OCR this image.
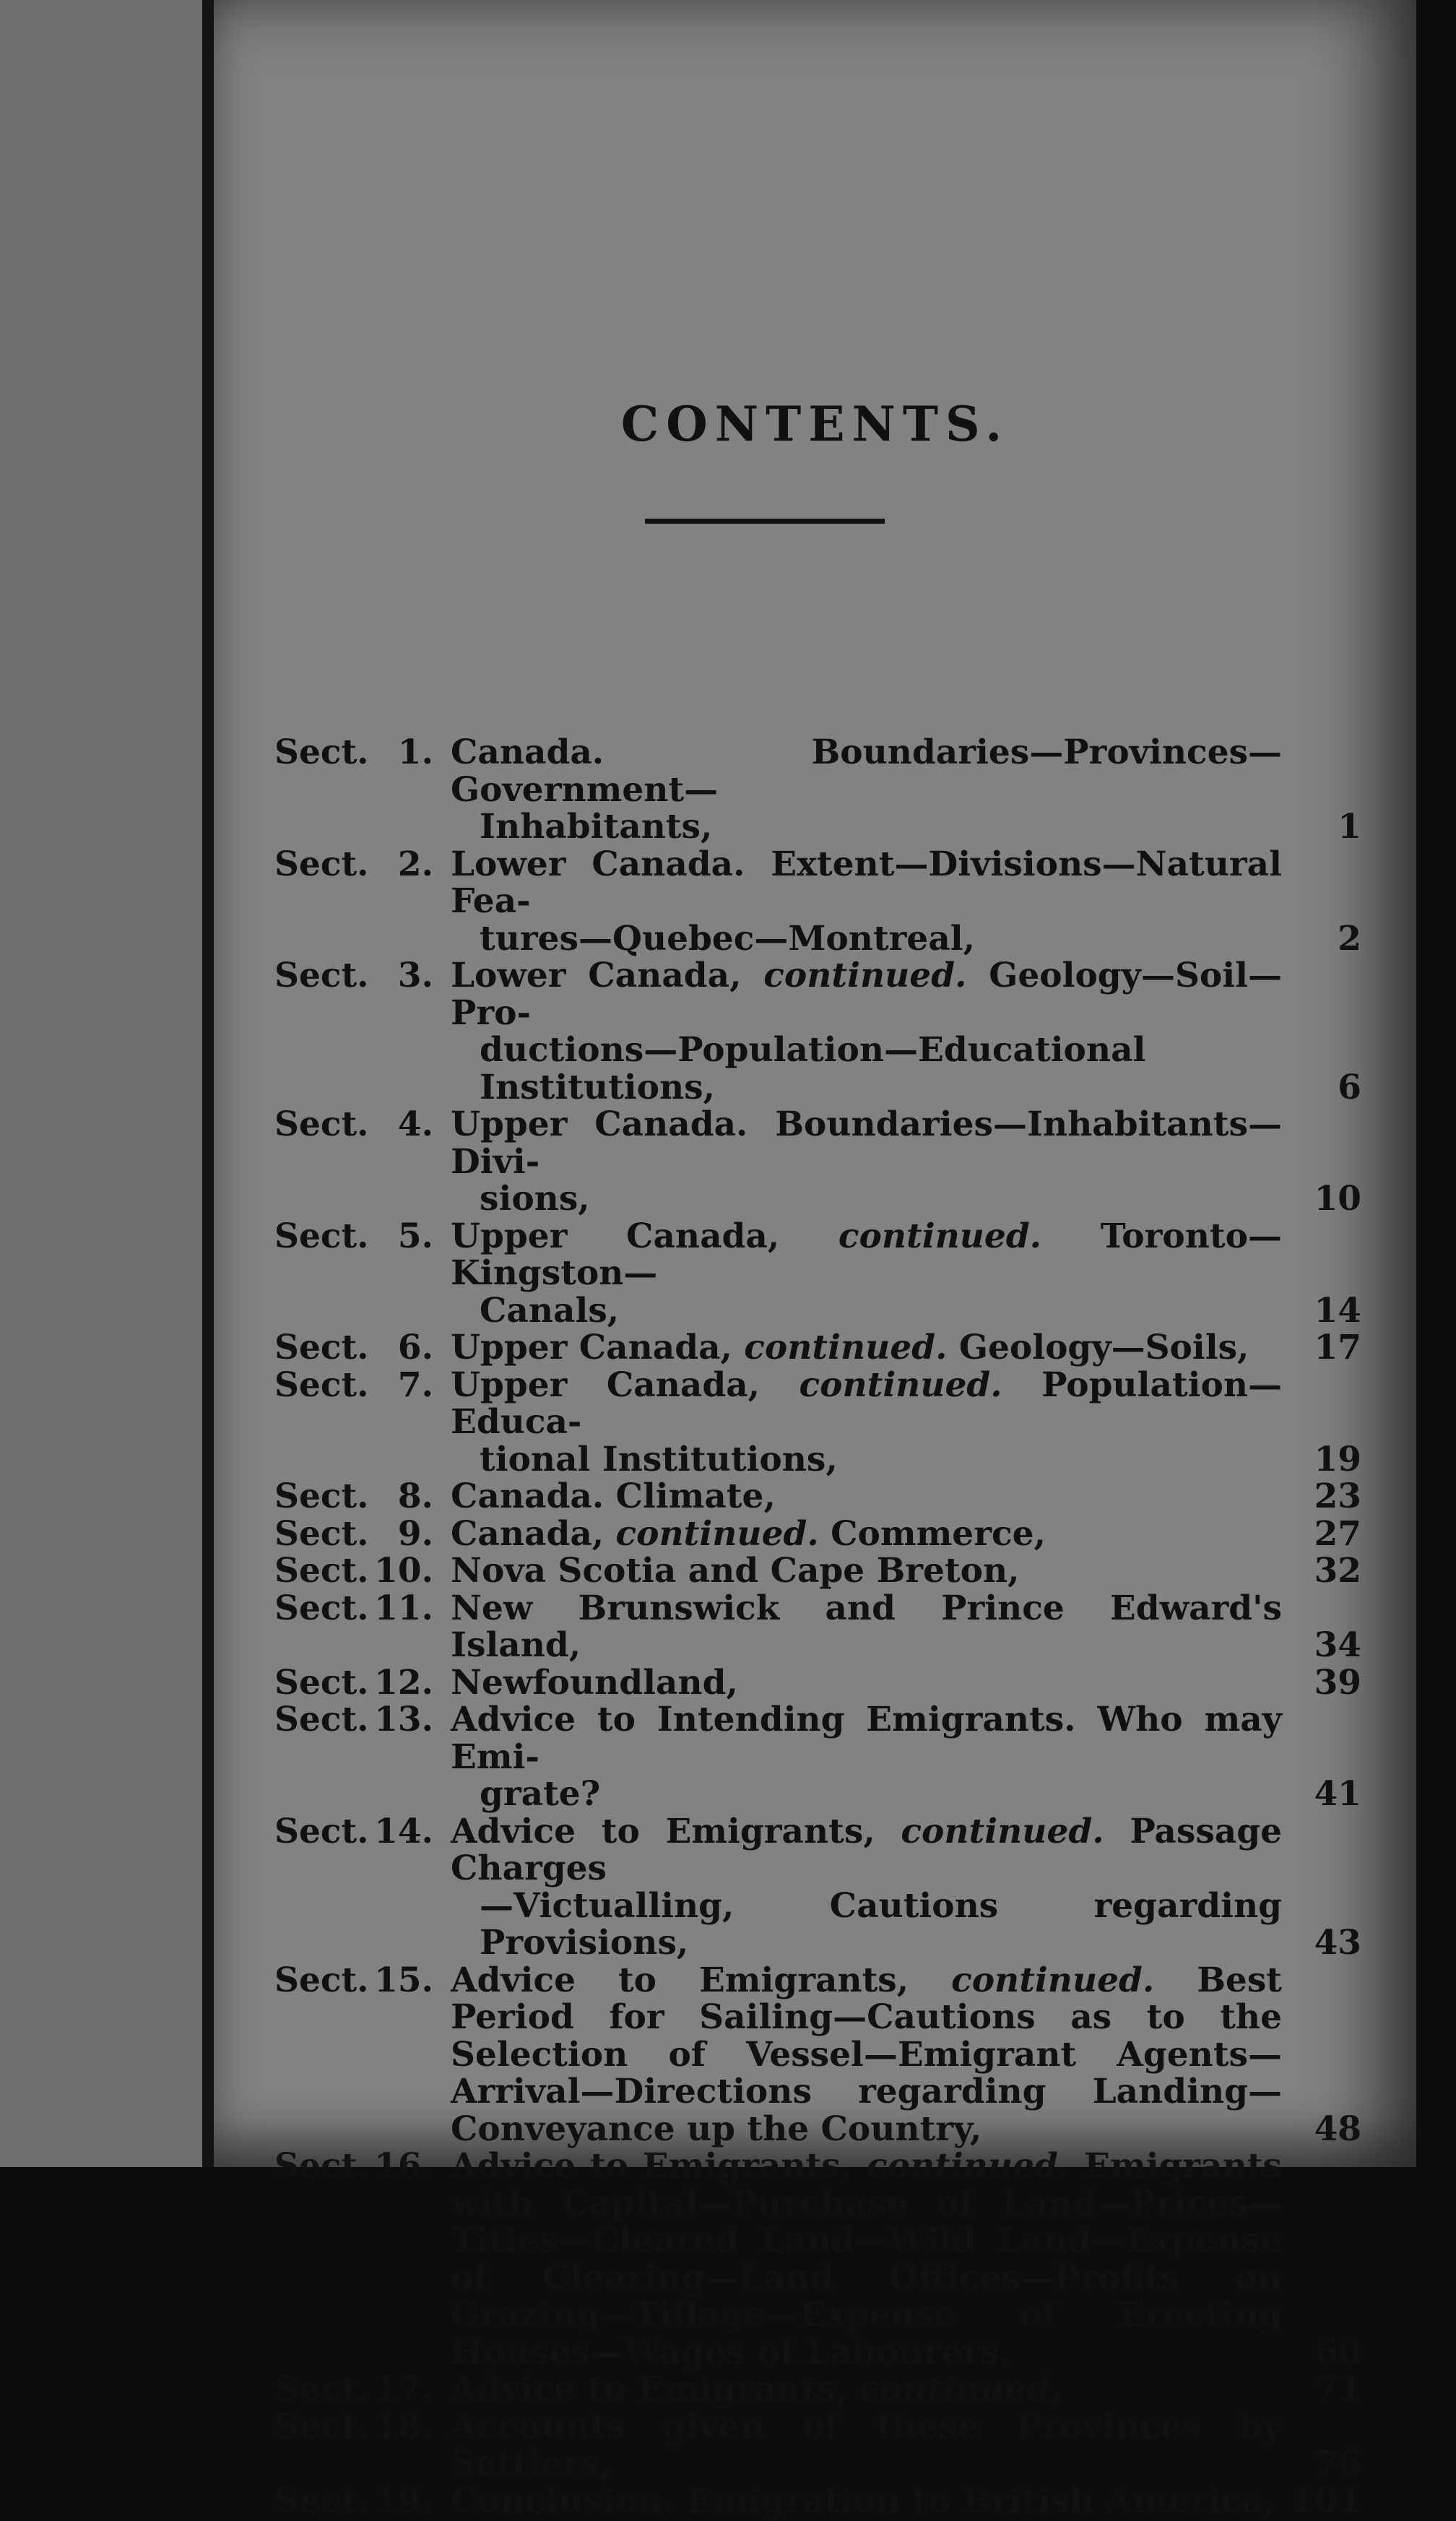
CONTENTS.
Sect. 1. Canada. Boundaries—Provinces—Government—
Inhabitants,	1
Sect. 2. Lower Canada. Extent—Divisions—Natural Fea-
tures—Quebec—Montreal,	2
Sect. 3. Lower Canada, continued. Geology—Soil—Pro-
ductions—Population—Educational Institutions,	6
Sect. 4. Upper Canada. Boundaries—Inhabitants—Divi-
sions,	10
Sect. 5. Upper Canada, continued. Toronto—Kingston—
Canals,	14
Sect. 6. Upper Canada, continued. Geology—Soils,	17
Sect. 7. Upper Canada, continued. Population—Educa-
tional Institutions,	19
Sect. 8. Canada. Climate,	23
Sect. 9. Canada, continued. Commerce,	27
Sect. 10. Nova Scotia and Cape Breton,	32
Sect. 11. New Brunswick and Prince Edward's Island,	34
Sect. 12. Newfoundland,	39
Sect. 13. Advice to Intending Emigrants. Who may Emi-
grate?	41
Sect. 14. Advice to Emigrants, continued. Passage Charges
—Victualling, Cautions regarding Provisions,	43
Sect. 15. Advice to Emigrants, continued. Best Period for Sailing—Cautions as to the Selection of Vessel—Emigrant Agents—Arrival—Directions regarding Landing—Conveyance up the Country,	48
Sect. 16. Advice to Emigrants, continued. Emigrants with Capital—Purchase of Land—Prices—Titles—Cleared Land—Wild Land—Expense of Clearing—Land Offices—Profits on Grazing—Tillage—Expense of Erecting Houses—Wages of Labourers,	60
Sect. 17. Advice to Emigrants, continued,	71
Sect. 18. Accounts given of these Provinces by Settlers,	76
Sect. 19. Conclusion. Emigration to British America, 101
